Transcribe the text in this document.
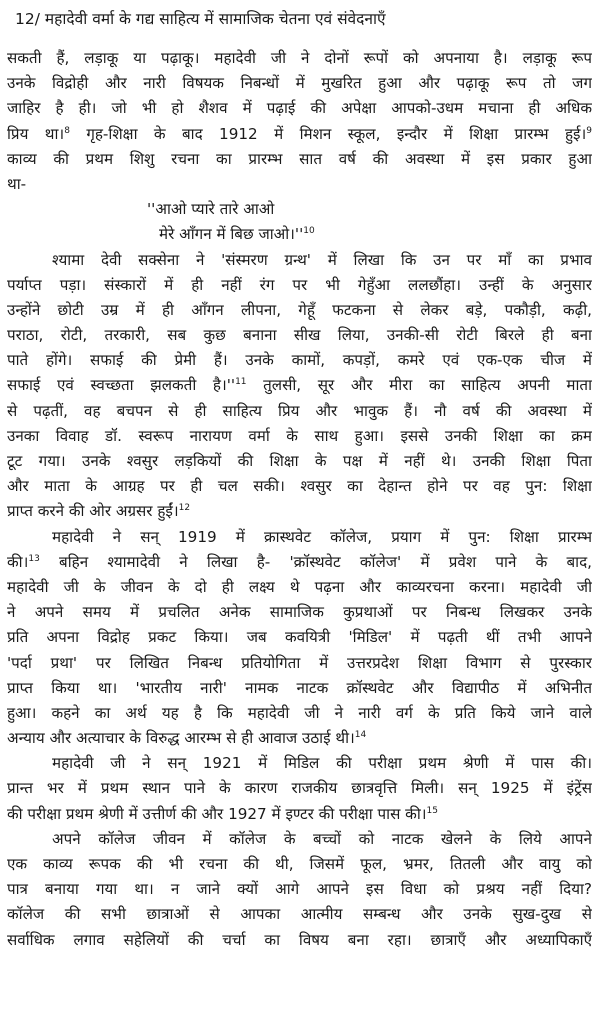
12/ महादेवी वर्मा के गद्य साहित्य में सामाजिक चेतना एवं संवेदनाएँ
सकती हैं, लड़ाकू या पढ़ाकू। महादेवी जी ने दोनों रूपों को अपनाया है। लड़ाकू रूप
उनके विद्रोही और नारी विषयक निबन्धों में मुखरित हुआ और पढ़ाकू रूप तो जग
जाहिर है ही। जो भी हो शैशव में पढ़ाई की अपेक्षा आपको-उधम मचाना ही अधिक
प्रिय था।$^8$ गृह-शिक्षा के बाद 1912 में मिशन स्कूल, इन्दौर में शिक्षा प्रारम्भ हुई।$^9$
काव्य की प्रथम शिशु रचना का प्रारम्भ सात वर्ष की अवस्था में इस प्रकार हुआ
था-
''आओ प्यारे तारे आओ
मेरे आँगन में बिछ $जाओ।''^{10}$
श्यामा देवी सक्सेना ने 'संस्मरण ग्रन्थ' में लिखा कि उन पर माँ का प्रभाव
पर्याप्त पड़ा। संस्कारों में ही नहीं रंग पर भी गेहुँआ ललछौंहा। उन्हीं के अनुसार
उन्होंने छोटी उम्र में ही आँगन लीपना, गेहूँ फटकना से लेकर बड़े, पकौड़ी, कढ़ी,
पराठा, रोटी, तरकारी, सब कुछ बनाना सीख लिया, उनकी-सी रोटी बिरले ही बना
पाते होंगे। सफाई की प्रेमी हैं। उनके कामों, कपड़ों, कमरे एवं एक-एक चीज में
सफाई एवं स्वच्छता झलकती $है।''^{11}$ तुलसी, सूर और मीरा का साहित्य अपनी माता
से पढ़तीं, वह बचपन से ही साहित्य प्रिय और भावुक हैं। नौ वर्ष की अवस्था में
उनका विवाह डॉ. स्वरूप नारायण वर्मा के साथ हुआ। इससे उनकी शिक्षा का क्रम
टूट गया। उनके श्वसुर लड़कियों की शिक्षा के पक्ष में नहीं थे। उनकी शिक्षा पिता
और माता के आग्रह पर ही चल सकी। श्वसुर का देहान्त होने पर वह पुन: शिक्षा
प्राप्त करने की ओर अग्रसर हुईं।$^{12}$
महादेवी ने सन् 1919 में क्रास्थवेट कॉलेज, प्रयाग में पुन: शिक्षा प्रारम्भ
की।$^{13}$ बहिन श्यामादेवी ने लिखा है- 'क्रॉस्थवेट कॉलेज' में प्रवेश पाने के बाद,
महादेवी जी के जीवन के दो ही लक्ष्य थे पढ़ना और काव्यरचना करना। महादेवी जी
ने अपने समय में प्रचलित अनेक सामाजिक कुप्रथाओं पर निबन्ध लिखकर उनके
प्रति अपना विद्रोह प्रकट किया। जब कवयित्री 'मिडिल' में पढ़ती थीं तभी आपने
'पर्दा प्रथा' पर लिखित निबन्ध प्रतियोगिता में उत्तरप्रदेश शिक्षा विभाग से पुरस्कार
प्राप्त किया था। 'भारतीय नारी' नामक नाटक क्रॉस्थवेट और विद्यापीठ में अभिनीत
हुआ। कहने का अर्थ यह है कि महादेवी जी ने नारी वर्ग के प्रति किये जाने वाले
अन्याय और अत्याचार के विरुद्ध आरम्भ से ही आवाज उठाई थी।$^{14}$
महादेवी जी ने सन् 1921 में मिडिल की परीक्षा प्रथम श्रेणी में पास की।
प्रान्त भर में प्रथम स्थान पाने के कारण राजकीय छात्रवृत्ति मिली। सन् 1925 में इंट्रेंस
की परीक्षा प्रथम श्रेणी में उत्तीर्ण की और 1927 में इण्टर की परीक्षा पास की।$^{15}$
अपने कॉलेज जीवन में कॉलेज के बच्चों को नाटक खेलने के लिये आपने
एक काव्य रूपक की भी रचना की थी, जिसमें फूल, भ्रमर, तितली और वायु को
पात्र बनाया गया था। न जाने क्यों आगे आपने इस विधा को प्रश्रय नहीं दिया?
कॉलेज की सभी छात्राओं से आपका आत्मीय सम्बन्ध और उनके सुख-दुख से
सर्वाधिक लगाव सहेलियों की चर्चा का विषय बना रहा। छात्राएँ और अध्यापिकाएँ
